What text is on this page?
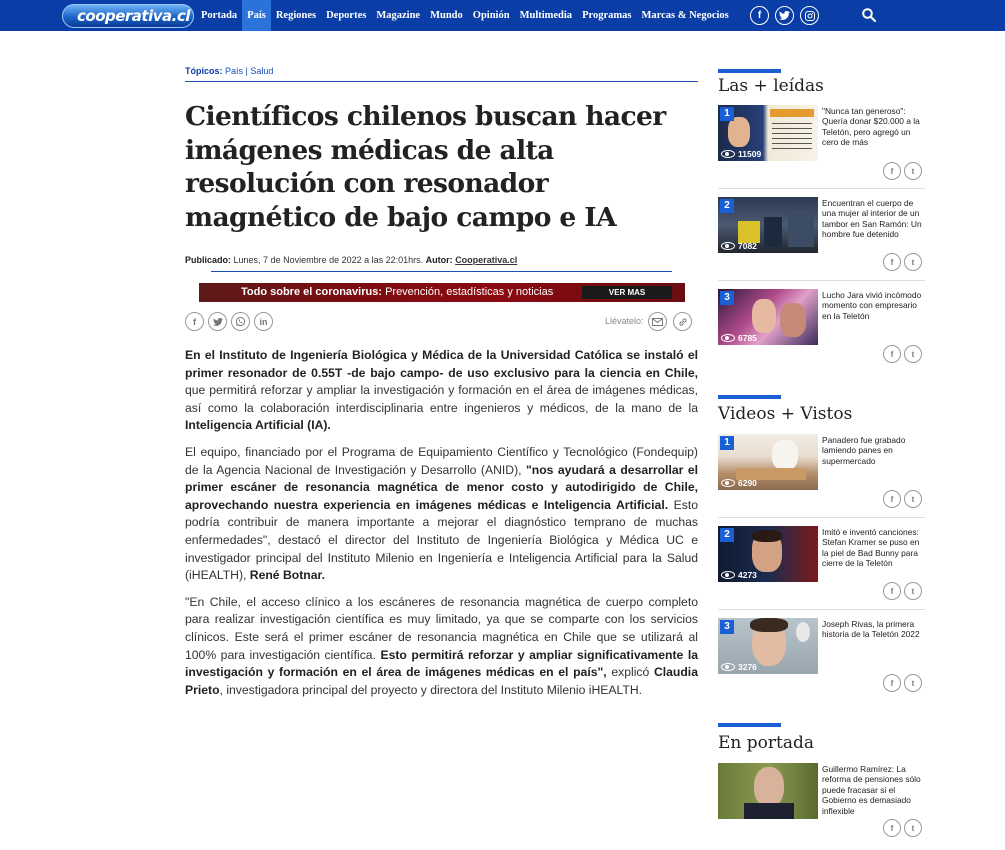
cooperativa.cl	Portada País Regiones Deportes Magazine Mundo Opinión Multimedia Programas Marcas & Negocios	f
Tópicos: País | Salud
Científicos chilenos buscan hacer imágenes médicas de alta resolución con resonador magnético de bajo campo e IA
Publicado: Lunes, 7 de Noviembre de 2022 a las 22:01hrs. Autor: Cooperativa.cl
Todo sobre el coronavirus: Prevención, estadísticas y noticias	VER MAS
f	in	Llévatelo:

En el Instituto de Ingeniería Biológica y Médica de la Universidad Católica se instaló el primer resonador de 0.55T -de bajo campo- de uso exclusivo para la ciencia en Chile, que permitirá reforzar y ampliar la investigación y formación en el área de imágenes médicas, así como la colaboración interdisciplinaria entre ingenieros y médicos, de la mano de la Inteligencia Artificial (IA).

El equipo, financiado por el Programa de Equipamiento Científico y Tecnológico (Fondequip) de la Agencia Nacional de Investigación y Desarrollo (ANID), "nos ayudará a desarrollar el primer escáner de resonancia magnética de menor costo y autodirigido de Chile, aprovechando nuestra experiencia en imágenes médicas e Inteligencia Artificial. Esto podría contribuir de manera importante a mejorar el diagnóstico temprano de muchas enfermedades", destacó el director del Instituto de Ingeniería Biológica y Médica UC e investigador principal del Instituto Milenio en Ingeniería e Inteligencia Artificial para la Salud (iHEALTH), René Botnar.

"En Chile, el acceso clínico a los escáneres de resonancia magnética de cuerpo completo para realizar investigación científica es muy limitado, ya que se comparte con los servicios clínicos. Este será el primer escáner de resonancia magnética en Chile que se utilizará al 100% para investigación científica. Esto permitirá reforzar y ampliar significativamente la investigación y formación en el área de imágenes médicas en el país", explicó Claudia Prieto, investigadora principal del proyecto y directora del Instituto Milenio iHEALTH.

Las + leídas
1
11509
"Nunca tan generoso": Quería donar $20.000 a la Teletón, pero agregó un cero de más
f	t
2
7082
Encuentran el cuerpo de una mujer al interior de un tambor en San Ramón: Un hombre fue detenido
f	t
3
6785
Lucho Jara vivió incómodo momento con empresario en la Teletón
f	t
Videos + Vistos
1
6290
Panadero fue grabado lamiendo panes en supermercado
f	t
2
4273
Imitó e inventó canciones: Stefan Kramer se puso en la piel de Bad Bunny para cierre de la Teletón
f	t
3
3276
Joseph Rivas, la primera historia de la Teletón 2022
f	t
En portada
Guillermo Ramírez: La reforma de pensiones sólo puede fracasar si el Gobierno es demasiado inflexible
f	t
